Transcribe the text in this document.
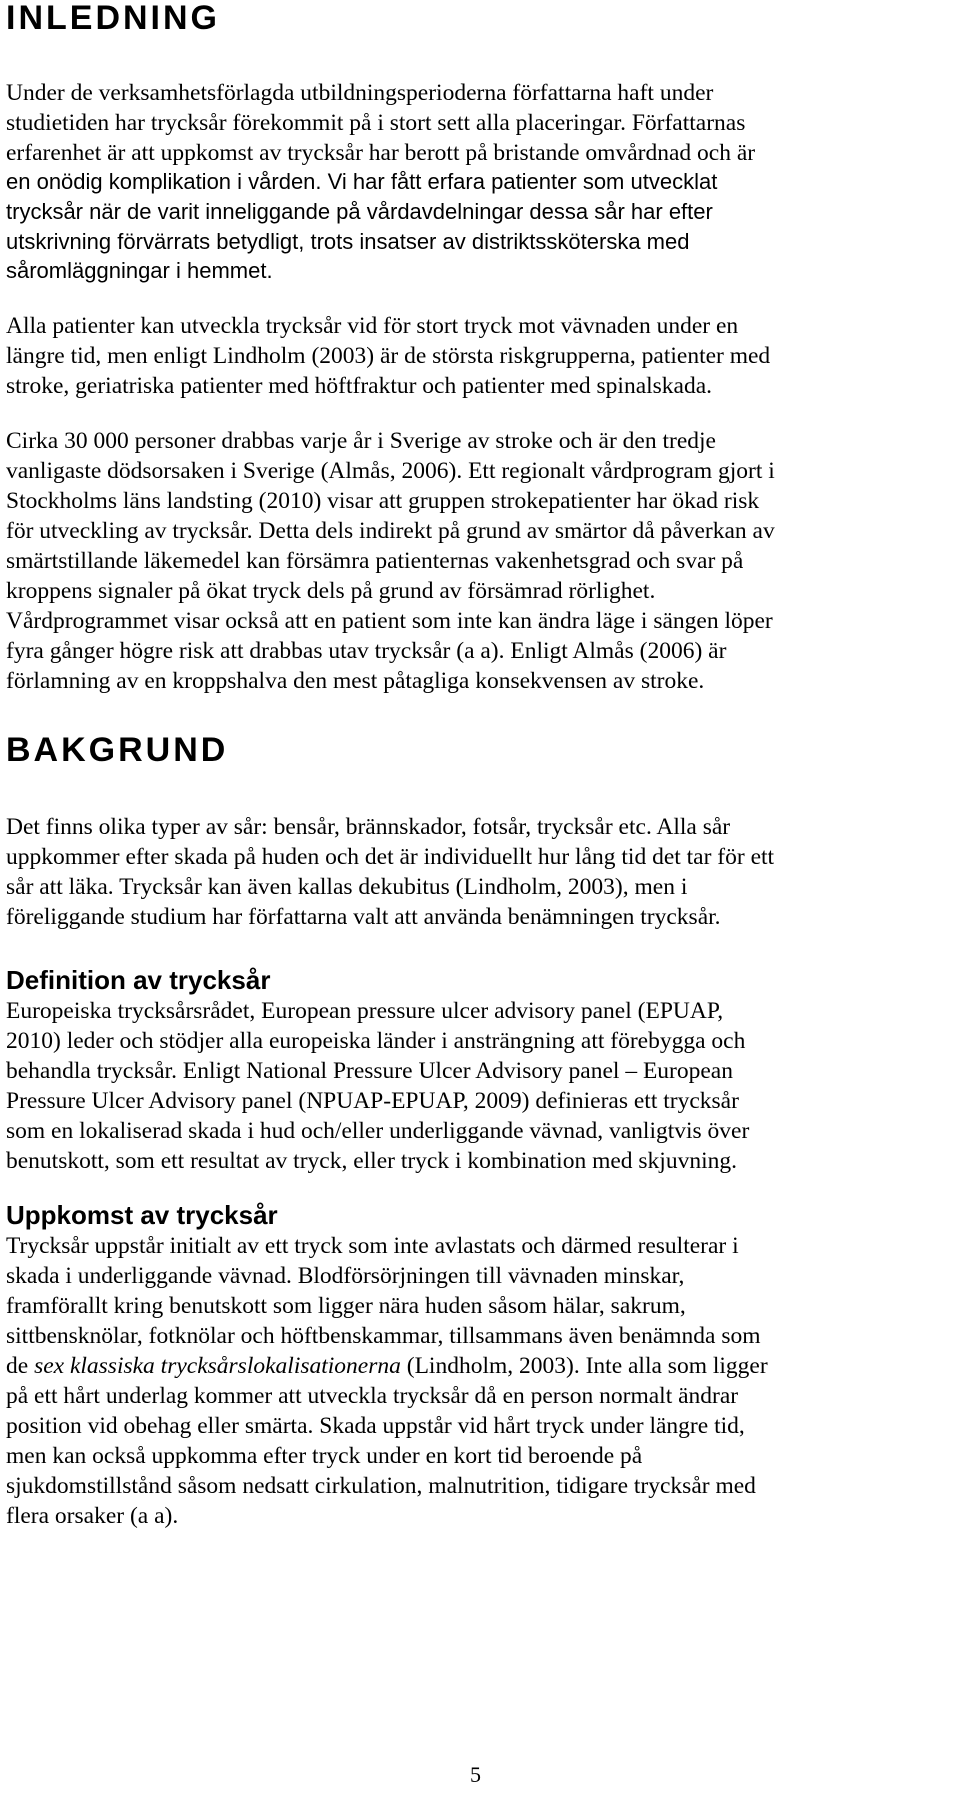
INLEDNING

Under de verksamhetsförlagda utbildningsperioderna författarna haft under
studietiden har trycksår förekommit på i stort sett alla placeringar. Författarnas
erfarenhet är att uppkomst av trycksår har berott på bristande omvårdnad och är

en onödig komplikation i vården. Vi har fått erfara patienter som utvecklat
trycksår när de varit inneliggande på vårdavdelningar dessa sår har efter
utskrivning förvärrats betydligt, trots insatser av distriktssköterska med
såromläggningar i hemmet.

Alla patienter kan utveckla trycksår vid för stort tryck mot vävnaden under en
längre tid, men enligt Lindholm (2003) är de största riskgrupperna, patienter med
stroke, geriatriska patienter med höftfraktur och patienter med spinalskada.

Cirka 30 000 personer drabbas varje år i Sverige av stroke och är den tredje
vanligaste dödsorsaken i Sverige (Almås, 2006). Ett regionalt vårdprogram gjort i
Stockholms läns landsting (2010) visar att gruppen strokepatienter har ökad risk
för utveckling av trycksår. Detta dels indirekt på grund av smärtor då påverkan av
smärtstillande läkemedel kan försämra patienternas vakenhetsgrad och svar på
kroppens signaler på ökat tryck dels på grund av försämrad rörlighet.
Vårdprogrammet visar också att en patient som inte kan ändra läge i sängen löper
fyra gånger högre risk att drabbas utav trycksår (a a). Enligt Almås (2006) är
förlamning av en kroppshalva den mest påtagliga konsekvensen av stroke.

BAKGRUND

Det finns olika typer av sår: bensår, brännskador, fotsår, trycksår etc. Alla sår
uppkommer efter skada på huden och det är individuellt hur lång tid det tar för ett
sår att läka. Trycksår kan även kallas dekubitus (Lindholm, 2003), men i
föreliggande studium har författarna valt att använda benämningen trycksår.

Definition av trycksår

Europeiska trycksårsrådet, European pressure ulcer advisory panel (EPUAP,
2010) leder och stödjer alla europeiska länder i ansträngning att förebygga och
behandla trycksår. Enligt National Pressure Ulcer Advisory panel – European
Pressure Ulcer Advisory panel (NPUAP-EPUAP, 2009) definieras ett trycksår
som en lokaliserad skada i hud och/eller underliggande vävnad, vanligtvis över
benutskott, som ett resultat av tryck, eller tryck i kombination med skjuvning.

Uppkomst av trycksår

Trycksår uppstår initialt av ett tryck som inte avlastats och därmed resulterar i
skada i underliggande vävnad. Blodförsörjningen till vävnaden minskar,
framförallt kring benutskott som ligger nära huden såsom hälar, sakrum,
sittbensknölar, fotknölar och höftbenskammar, tillsammans även benämnda som
de sex klassiska trycksårslokalisationerna (Lindholm, 2003). Inte alla som ligger
på ett hårt underlag kommer att utveckla trycksår då en person normalt ändrar
position vid obehag eller smärta. Skada uppstår vid hårt tryck under längre tid,
men kan också uppkomma efter tryck under en kort tid beroende på
sjukdomstillstånd såsom nedsatt cirkulation, malnutrition, tidigare trycksår med
flera orsaker (a a).

5
